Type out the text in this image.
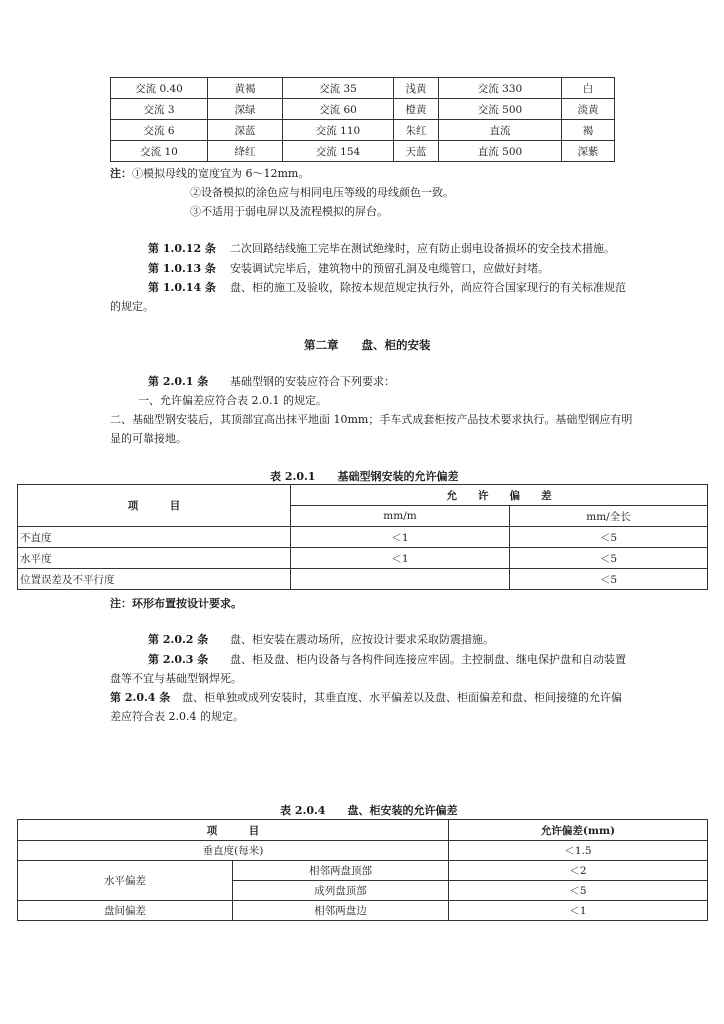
交流 0.40	黄褐	交流 35	浅黄	交流 330	白
交流 3	深绿	交流 60	橙黄	交流 500	淡黄
交流 6	深蓝	交流 110	朱红	直流	褐
交流 10	绛红	交流 154	天蓝	直流 500	深紫
注： ①模拟母线的宽度宜为 6～12mm。
②设备模拟的涂色应与相同电压等级的母线颜色一致。
③不适用于弱电屏以及流程模拟的屏台。
第 1.0.12 条 二次回路结线施工完毕在测试绝缘时，应有防止弱电设备损坏的安全技术措施。
第 1.0.13 条 安装调试完毕后，建筑物中的预留孔洞及电缆管口，应做好封堵。
第 1.0.14 条 盘、柜的施工及验收，除按本规范规定执行外，尚应符合国家现行的有关标准规范
的规定。
第二章　　盘、柜的安装
第 2.0.1 条 基础型钢的安装应符合下列要求：
一、允许偏差应符合表 2.0.1 的规定。
二、基础型钢安装后，其顶部宜高出抹平地面 10mm；手车式成套柜按产品技术要求执行。基础型钢应有明
显的可靠接地。
表 2.0.1　　基础型钢安装的允许偏差
项　　　目	允　　许　　偏　　差	
	mm/m	mm/全长
不直度	＜1	＜5
水平度	＜1	＜5
位置误差及不平行度		＜5
注：环形布置按设计要求。
第 2.0.2 条 盘、柜安装在震动场所，应按设计要求采取防震措施。
第 2.0.3 条 盘、柜及盘、柜内设备与各构件间连接应牢固。主控制盘、继电保护盘和自动装置
盘等不宜与基础型钢焊死。
第 2.0.4 条 盘、柜单独或成列安装时，其垂直度、水平偏差以及盘、柜面偏差和盘、柜间接缝的允许偏
差应符合表 2.0.4 的规定。
表 2.0.4　　盘、柜安装的允许偏差
项　　　目		允许偏差(mm)
垂直度(每米)		＜1.5
水平偏差	相邻两盘顶部	＜2
	成列盘顶部	＜5
盘间偏差	相邻两盘边	＜1
